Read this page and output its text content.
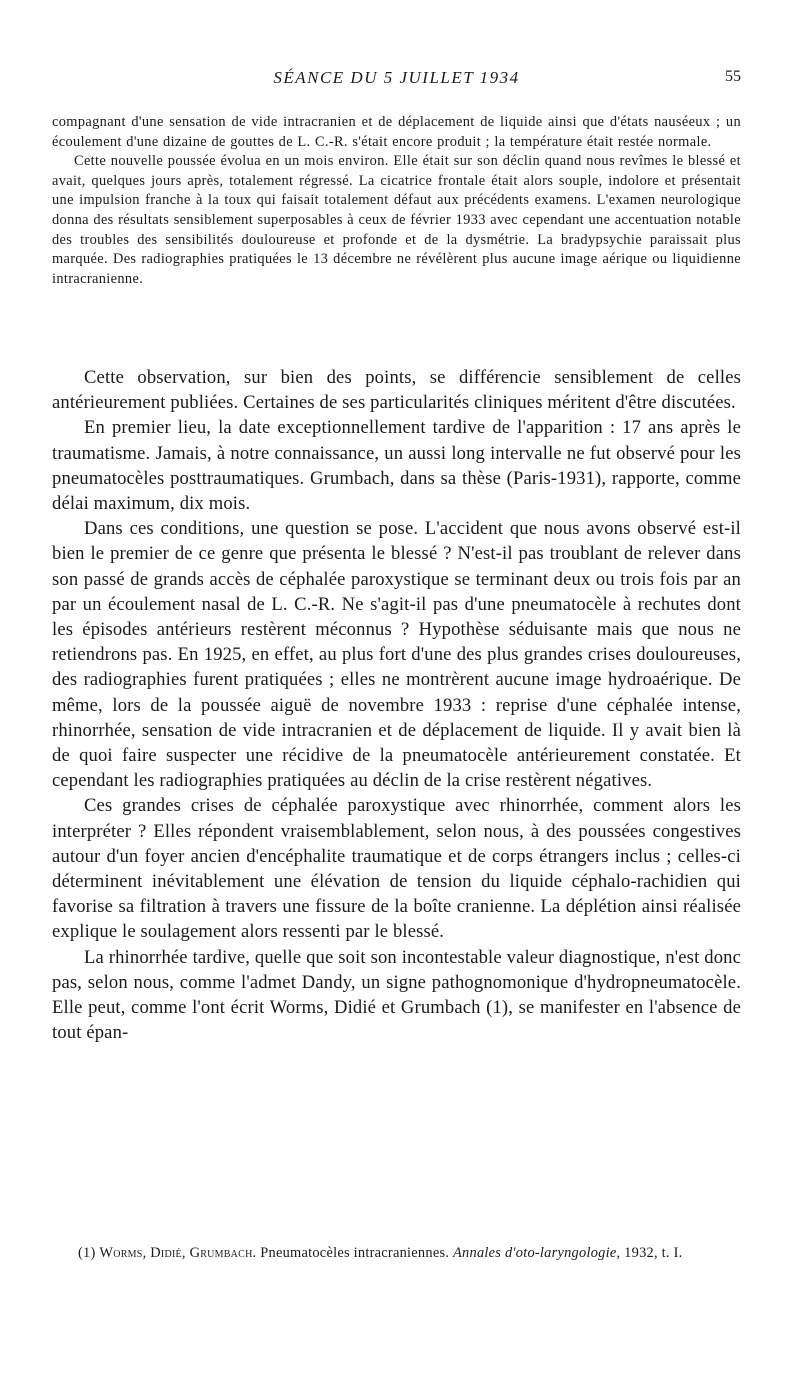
SÉANCE DU 5 JUILLET 1934	55

compagnant d'une sensation de vide intracranien et de déplacement de liquide ainsi que d'états nauséeux ; un écoulement d'une dizaine de gouttes de L. C.-R. s'était encore produit ; la température était restée normale.

Cette nouvelle poussée évolua en un mois environ. Elle était sur son déclin quand nous revîmes le blessé et avait, quelques jours après, totalement régressé. La cicatrice frontale était alors souple, indolore et présentait une impulsion franche à la toux qui faisait totalement défaut aux précédents examens. L'examen neurologique donna des résultats sensiblement superposables à ceux de février 1933 avec cependant une accentuation notable des troubles des sensibilités douloureuse et profonde et de la dysmétrie. La bradypsychie paraissait plus marquée. Des radiographies pratiquées le 13 décembre ne révélèrent plus aucune image aérique ou liquidienne intracranienne.

Cette observation, sur bien des points, se différencie sensiblement de celles antérieurement publiées. Certaines de ses particularités cliniques méritent d'être discutées.

En premier lieu, la date exceptionnellement tardive de l'apparition : 17 ans après le traumatisme. Jamais, à notre connaissance, un aussi long intervalle ne fut observé pour les pneumatocèles posttraumatiques. Grumbach, dans sa thèse (Paris-1931), rapporte, comme délai maximum, dix mois.

Dans ces conditions, une question se pose. L'accident que nous avons observé est-il bien le premier de ce genre que présenta le blessé ? N'est-il pas troublant de relever dans son passé de grands accès de céphalée paroxystique se terminant deux ou trois fois par an par un écoulement nasal de L. C.-R. Ne s'agit-il pas d'une pneumatocèle à rechutes dont les épisodes antérieurs restèrent méconnus ? Hypothèse séduisante mais que nous ne retiendrons pas. En 1925, en effet, au plus fort d'une des plus grandes crises douloureuses, des radiographies furent pratiquées ; elles ne montrèrent aucune image hydroaérique. De même, lors de la poussée aiguë de novembre 1933 : reprise d'une céphalée intense, rhinorrhée, sensation de vide intracranien et de déplacement de liquide. Il y avait bien là de quoi faire suspecter une récidive de la pneumatocèle antérieurement constatée. Et cependant les radiographies pratiquées au déclin de la crise restèrent négatives.

Ces grandes crises de céphalée paroxystique avec rhinorrhée, comment alors les interpréter ? Elles répondent vraisemblablement, selon nous, à des poussées congestives autour d'un foyer ancien d'encéphalite traumatique et de corps étrangers inclus ; celles-ci déterminent inévitablement une élévation de tension du liquide céphalo-rachidien qui favorise sa filtration à travers une fissure de la boîte cranienne. La déplétion ainsi réalisée explique le soulagement alors ressenti par le blessé.

La rhinorrhée tardive, quelle que soit son incontestable valeur diagnostique, n'est donc pas, selon nous, comme l'admet Dandy, un signe pathognomonique d'hydropneumatocèle. Elle peut, comme l'ont écrit Worms, Didié et Grumbach (1), se manifester en l'absence de tout épan-

(1) Worms, Didié, Grumbach. Pneumatocèles intracraniennes. Annales d'oto-laryngologie, 1932, t. I.
